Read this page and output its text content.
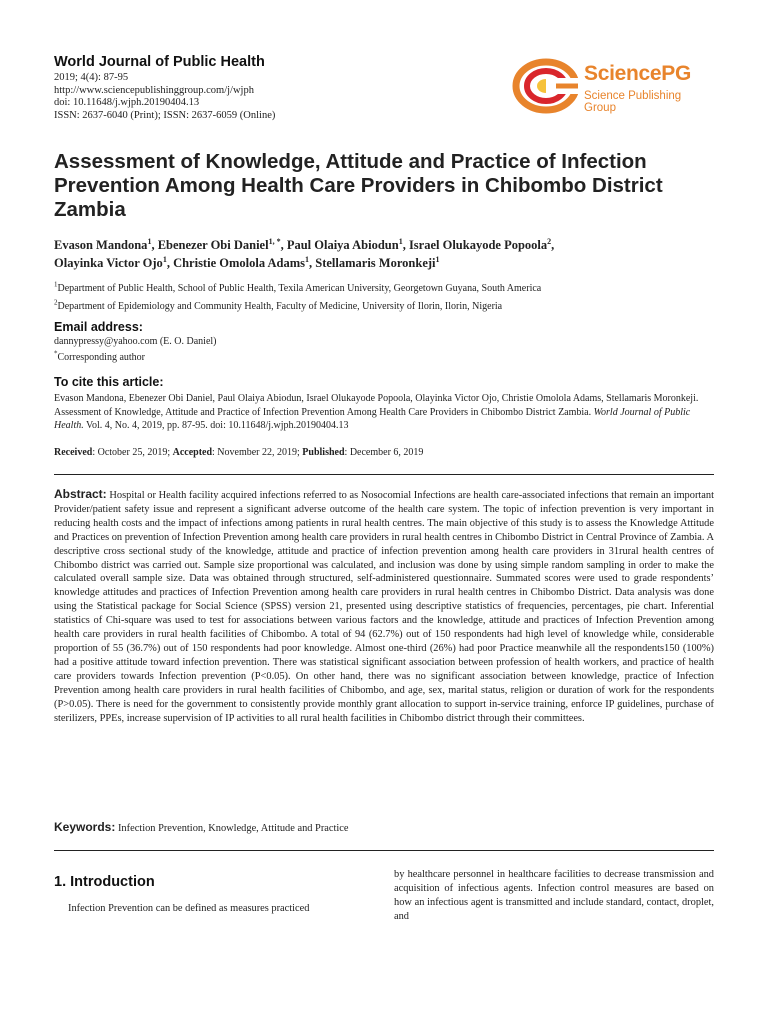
World Journal of Public Health
2019; 4(4): 87-95
http://www.sciencepublishinggroup.com/j/wjph
doi: 10.11648/j.wjph.20190404.13
ISSN: 2637-6040 (Print); ISSN: 2637-6059 (Online)
SciencePG
Science Publishing Group
Assessment of Knowledge, Attitude and Practice of Infection Prevention Among Health Care Providers in Chibombo District Zambia
Evason Mandona$^1$, Ebenezer Obi Daniel$^{1, *}$, Paul Olaiya Abiodun$^1$, Israel Olukayode Popoola$^2$,
Olayinka Victor Ojo$^1$, Christie Omolola Adams$^1$, Stellamaris Moronkeji$^1$
$^1$Department of Public Health, School of Public Health, Texila American University, Georgetown Guyana, South America
$^2$Department of Epidemiology and Community Health, Faculty of Medicine, University of Ilorin, Ilorin, Nigeria
Email address:
dannypressy@yahoo.com (E. O. Daniel)
*Corresponding author
To cite this article:
Evason Mandona, Ebenezer Obi Daniel, Paul Olaiya Abiodun, Israel Olukayode Popoola, Olayinka Victor Ojo, Christie Omolola Adams, Stellamaris Moronkeji. Assessment of Knowledge, Attitude and Practice of Infection Prevention Among Health Care Providers in Chibombo District Zambia. World Journal of Public Health. Vol. 4, No. 4, 2019, pp. 87-95. doi: 10.11648/j.wjph.20190404.13
Received: October 25, 2019; Accepted: November 22, 2019; Published: December 6, 2019
Abstract: Hospital or Health facility acquired infections referred to as Nosocomial Infections are health care-associated infections that remain an important Provider/patient safety issue and represent a significant adverse outcome of the health care system. The topic of infection prevention is very important in reducing health costs and the impact of infections among patients in rural health centres. The main objective of this study is to assess the Knowledge Attitude and Practices on prevention of Infection Prevention among health care providers in rural health centres in Chibombo District in Central Province of Zambia. A descriptive cross sectional study of the knowledge, attitude and practice of infection prevention among health care providers in 31rural health centres of Chibombo district was carried out. Sample size proportional was calculated, and inclusion was done by using simple random sampling in order to make the calculated overall sample size. Data was obtained through structured, self-administered questionnaire. Summated scores were used to grade respondents’ knowledge attitudes and practices of Infection Prevention among health care providers in rural health centres in Chibombo District. Data analysis was done using the Statistical package for Social Science (SPSS) version 21, presented using descriptive statistics of frequencies, percentages, pie chart. Inferential statistics of Chi-square was used to test for associations between various factors and the knowledge, attitude and practices of Infection Prevention among health care providers in rural health facilities of Chibombo. A total of 94 (62.7%) out of 150 respondents had high level of knowledge while, considerable proportion of 55 (36.7%) out of 150 respondents had poor knowledge. Almost one-third (26%) had poor Practice meanwhile all the respondents150 (100%) had a positive attitude toward infection prevention. There was statistical significant association between profession of health workers, and practice of health care providers towards Infection prevention (P<0.05). On other hand, there was no significant association between knowledge, practice of Infection Prevention among health care providers in rural health facilities of Chibombo, and age, sex, marital status, religion or duration of work for the respondents (P>0.05). There is need for the government to consistently provide monthly grant allocation to support in-service training, enforce IP guidelines, purchase of sterilizers, PPEs, increase supervision of IP activities to all rural health facilities in Chibombo district through their committees.
Keywords: Infection Prevention, Knowledge, Attitude and Practice
1. Introduction
Infection Prevention can be defined as measures practiced
by healthcare personnel in healthcare facilities to decrease transmission and acquisition of infectious agents. Infection control measures are based on how an infectious agent is transmitted and include standard, contact, droplet, and
